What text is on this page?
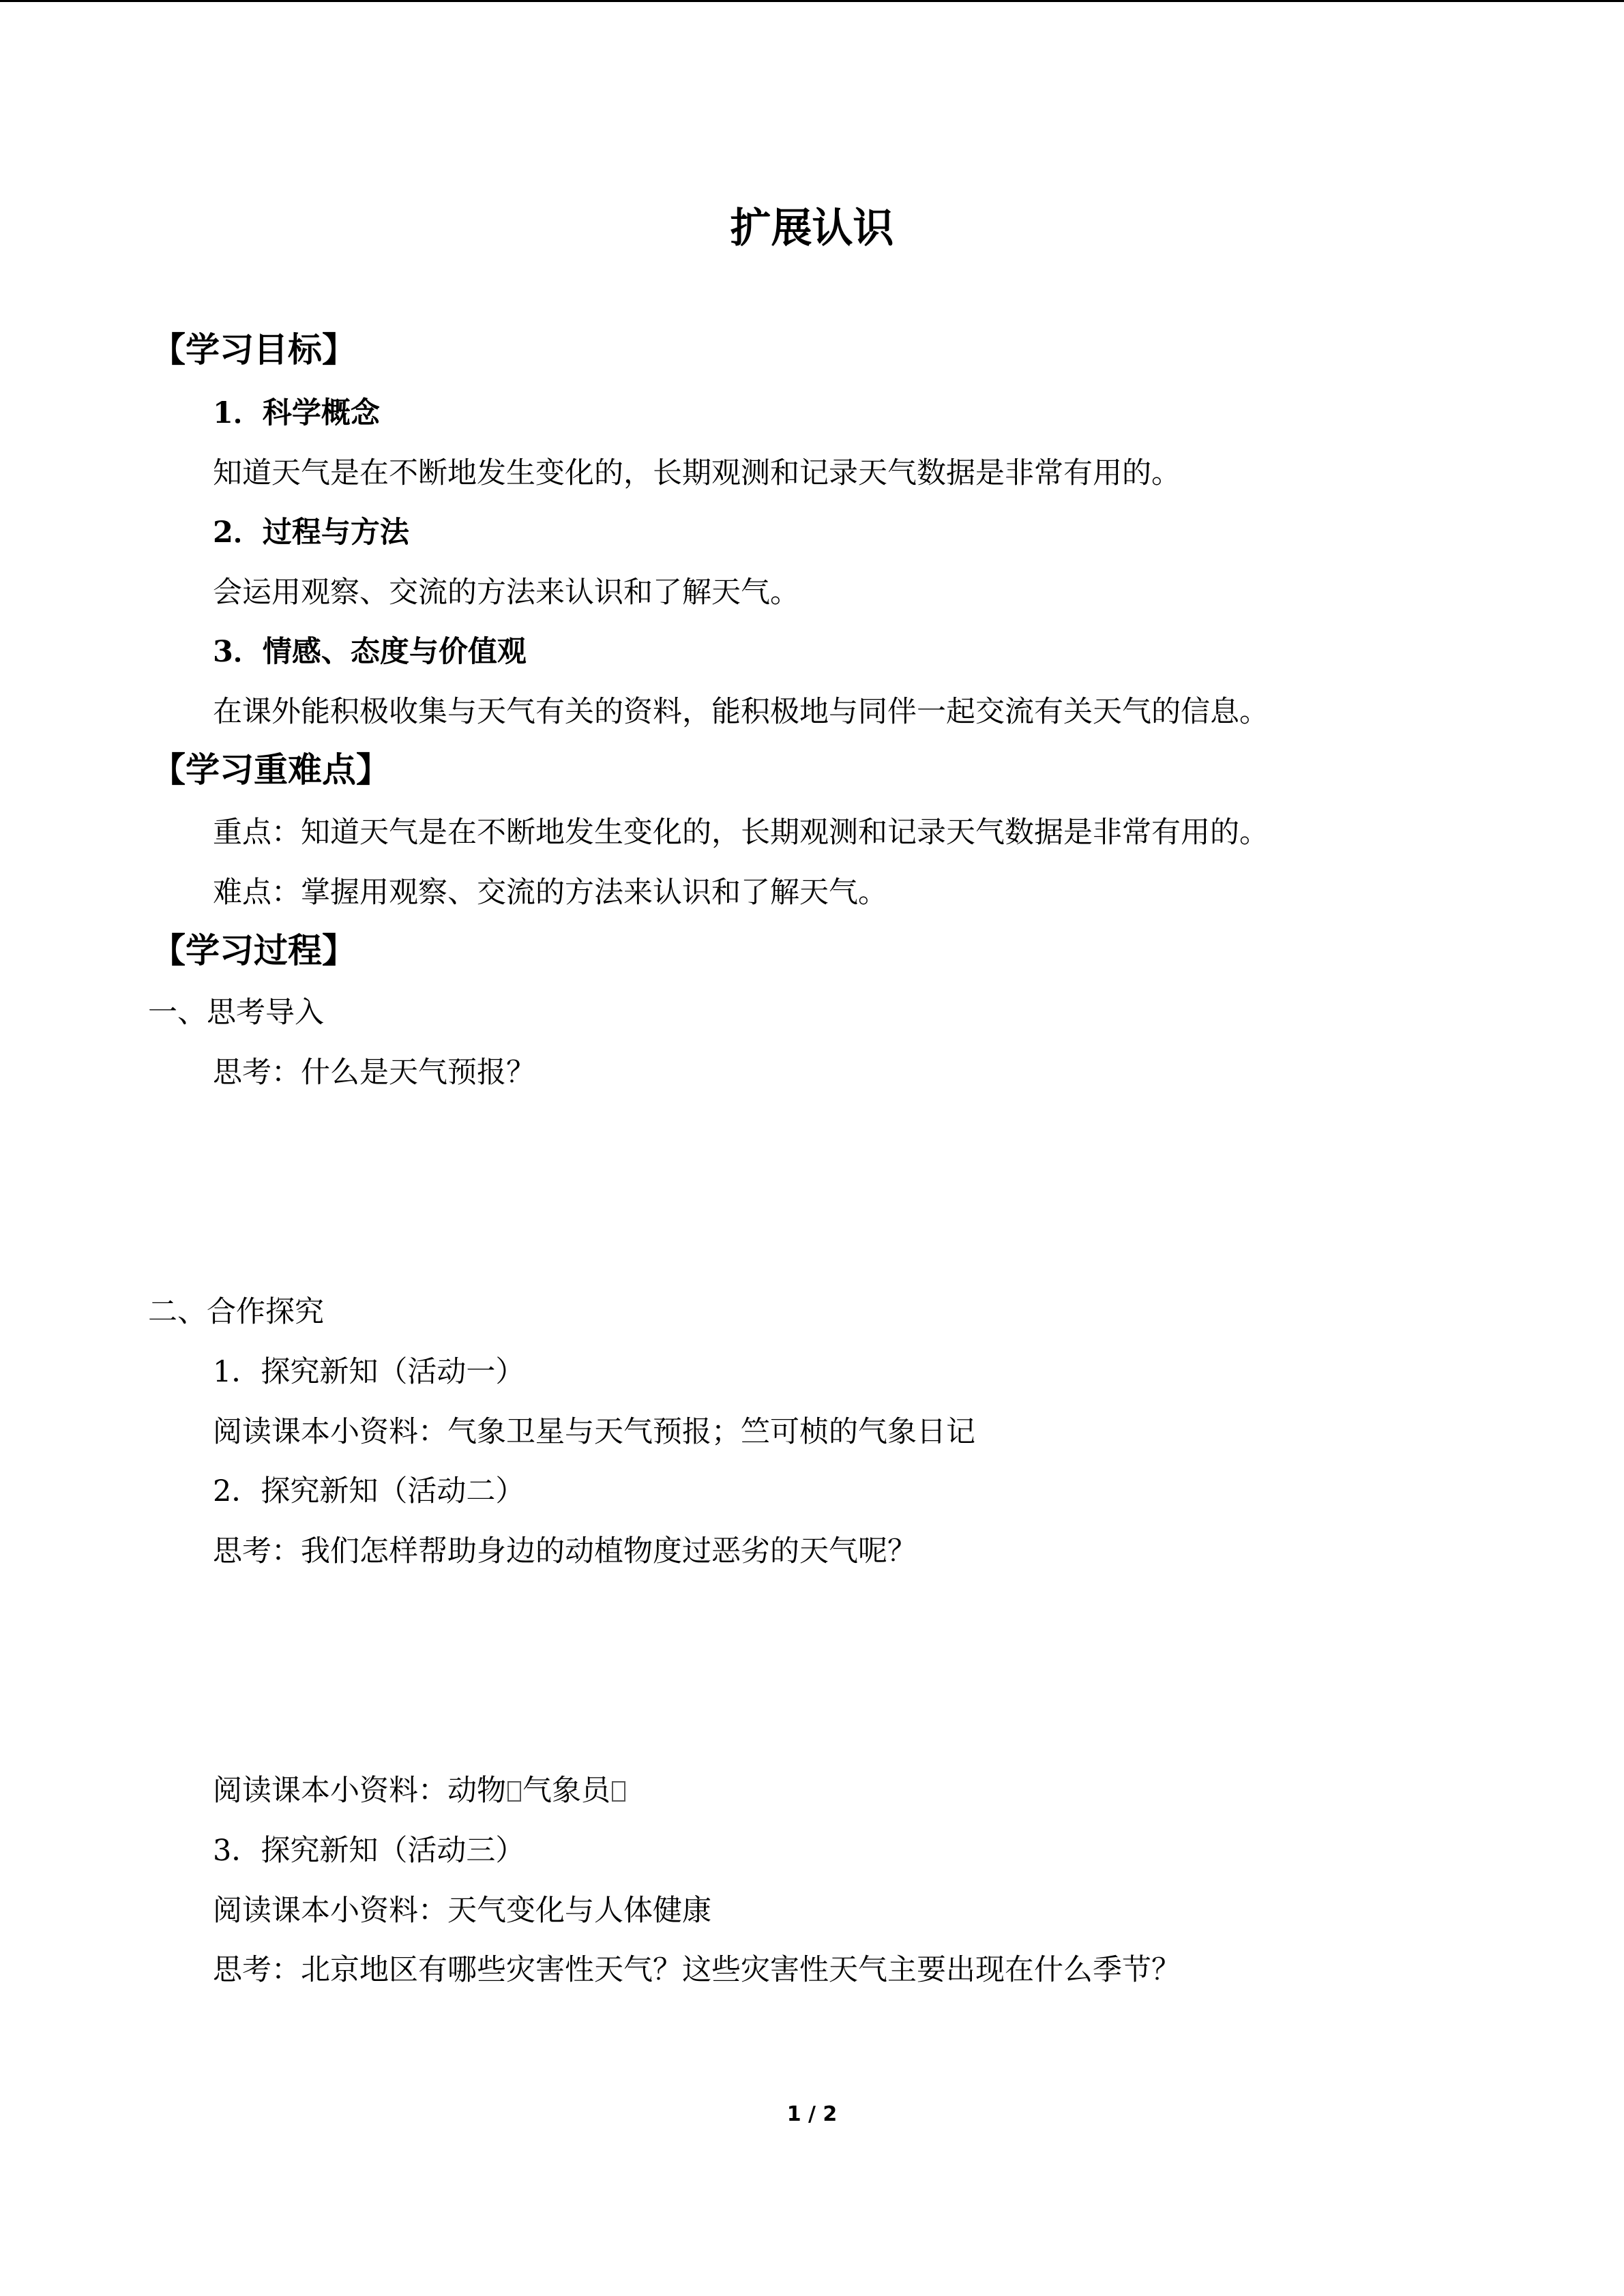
扩展认识
【学习目标】
1．科学概念
知道天气是在不断地发生变化的，长期观测和记录天气数据是非常有用的。
2．过程与方法
会运用观察、交流的方法来认识和了解天气。
3．情感、态度与价值观
在课外能积极收集与天气有关的资料，能积极地与同伴一起交流有关天气的信息。
【学习重难点】
重点：知道天气是在不断地发生变化的，长期观测和记录天气数据是非常有用的。
难点：掌握用观察、交流的方法来认识和了解天气。
【学习过程】
一、思考导入
思考：什么是天气预报？
二、合作探究
1．探究新知（活动一）
阅读课本小资料：气象卫星与天气预报；竺可桢的气象日记
2．探究新知（活动二）
思考：我们怎样帮助身边的动植物度过恶劣的天气呢？
阅读课本小资料：动物 气象员
3．探究新知（活动三）
阅读课本小资料：天气变化与人体健康
思考：北京地区有哪些灾害性天气？这些灾害性天气主要出现在什么季节？
1 / 2
